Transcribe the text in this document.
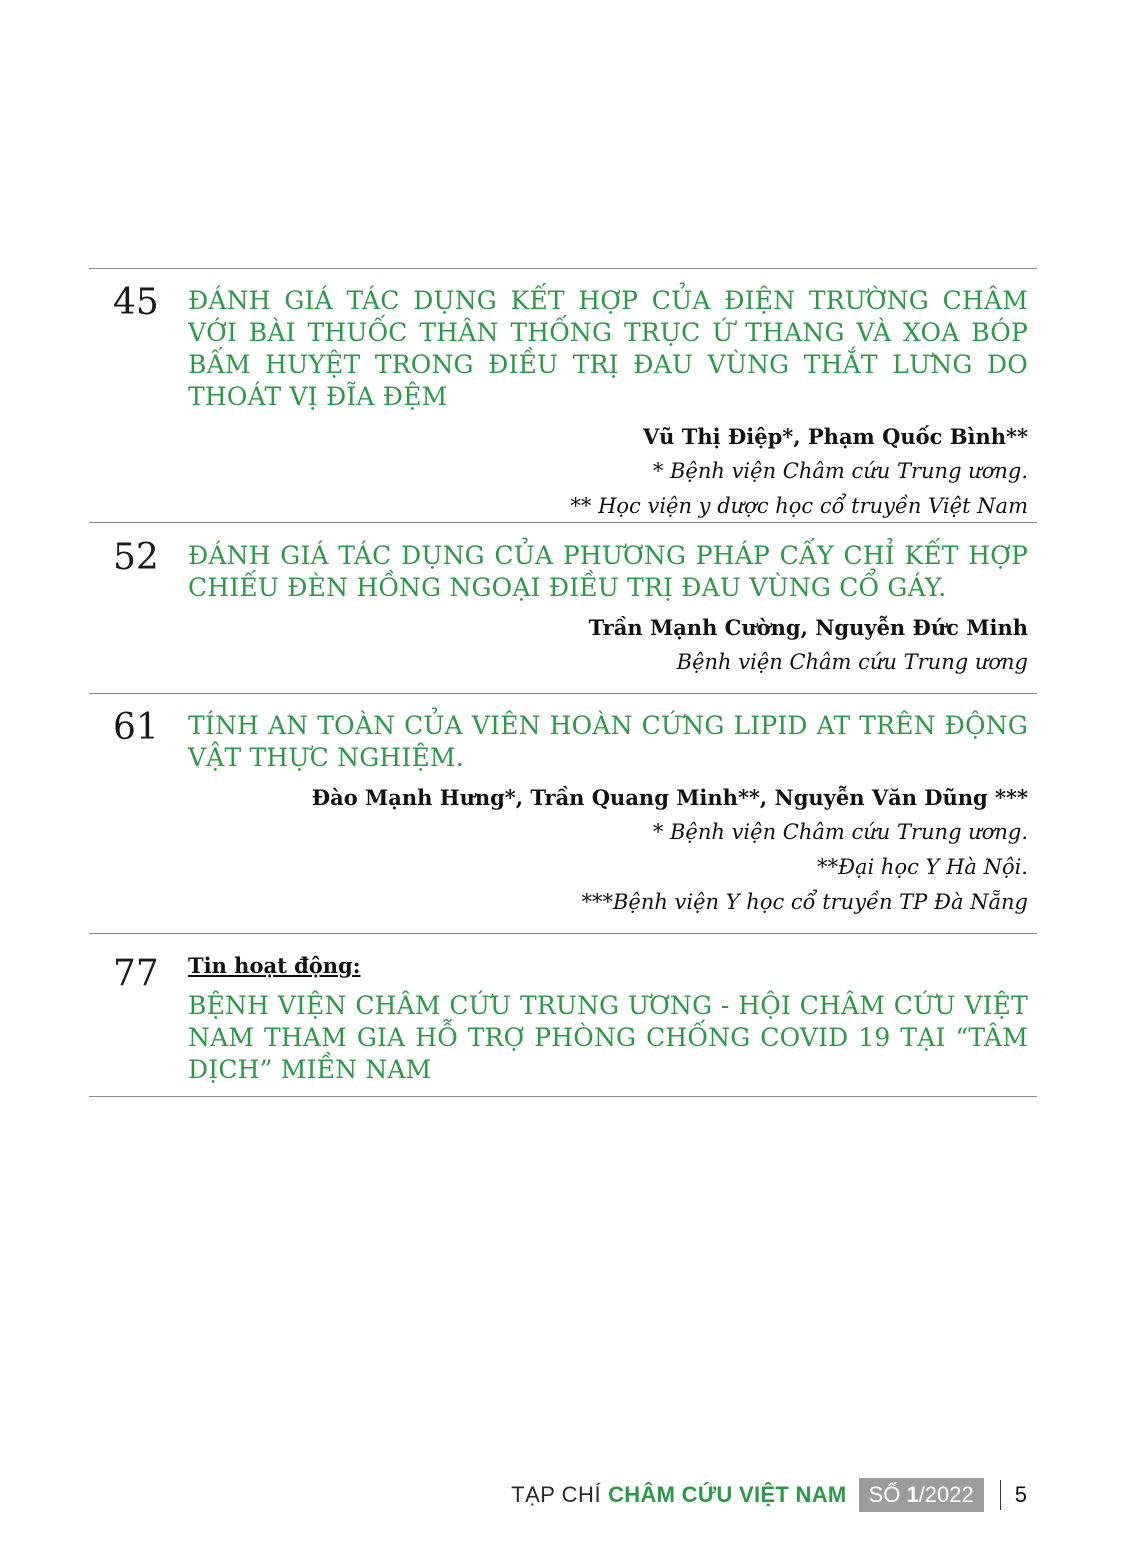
45 ĐÁNH GIÁ TÁC DỤNG KẾT HỢP CỦA ĐIỆN TRƯỜNG CHÂM VỚI BÀI THUỐC THÂN THỐNG TRỤC Ứ THANG VÀ XOA BÓP BẤM HUYỆT TRONG ĐIỀU TRỊ ĐAU VÙNG THẮT LƯNG DO THOÁT VỊ ĐĨA ĐỆM
Vũ Thị Điệp*, Phạm Quốc Bình**
* Bệnh viện Châm cứu Trung ương.
** Học viện y dược học cổ truyền Việt Nam
52 ĐÁNH GIÁ TÁC DỤNG CỦA PHƯƠNG PHÁP CẤY CHỈ KẾT HỢP CHIẾU ĐÈN HỒNG NGOẠI ĐIỀU TRỊ ĐAU VÙNG CỔ GÁY.
Trần Mạnh Cường, Nguyễn Đức Minh
Bệnh viện Châm cứu Trung ương
61 TÍNH AN TOÀN CỦA VIÊN HOÀN CỨNG LIPID AT TRÊN ĐỘNG VẬT THỰC NGHIỆM.
Đào Mạnh Hưng*, Trần Quang Minh**, Nguyễn Văn Dũng ***
* Bệnh viện Châm cứu Trung ương.
**Đại học Y Hà Nội.
***Bệnh viện Y học cổ truyền TP Đà Nẵng
77 Tin hoạt động:
BỆNH VIỆN CHÂM CỨU TRUNG ƯƠNG - HỘI CHÂM CỨU VIỆT NAM THAM GIA HỖ TRỢ PHÒNG CHỐNG COVID 19 TẠI “TÂM DỊCH” MIỀN NAM
TẠP CHÍ CHÂM CỨU VIỆT NAM	SỐ 1/2022	5
